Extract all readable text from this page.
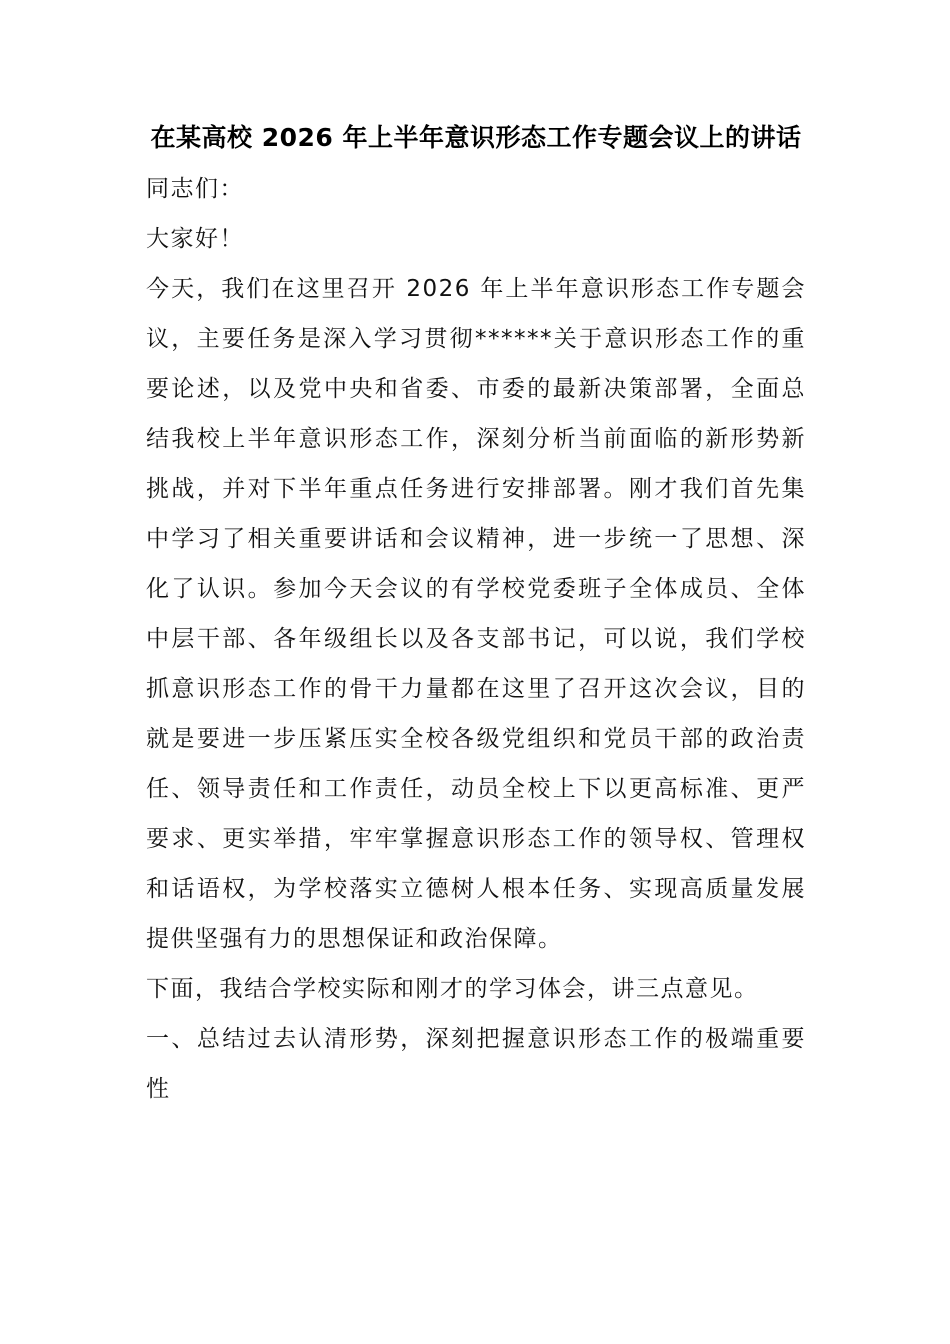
在某高校 2026 年上半年意识形态工作专题会议上的讲话

同志们：

大家好！

今天，我们在这里召开 2026 年上半年意识形态工作专题会议，主要任务是深入学习贯彻******关于意识形态工作的重要论述，以及党中央和省委、市委的最新决策部署，全面总结我校上半年意识形态工作，深刻分析当前面临的新形势新挑战，并对下半年重点任务进行安排部署。刚才我们首先集中学习了相关重要讲话和会议精神，进一步统一了思想、深化了认识。参加今天会议的有学校党委班子全体成员、全体中层干部、各年级组长以及各支部书记，可以说，我们学校抓意识形态工作的骨干力量都在这里了召开这次会议，目的就是要进一步压紧压实全校各级党组织和党员干部的政治责任、领导责任和工作责任，动员全校上下以更高标准、更严要求、更实举措，牢牢掌握意识形态工作的领导权、管理权和话语权，为学校落实立德树人根本任务、实现高质量发展提供坚强有力的思想保证和政治保障。

下面，我结合学校实际和刚才的学习体会，讲三点意见。

一、总结过去认清形势，深刻把握意识形态工作的极端重要性
